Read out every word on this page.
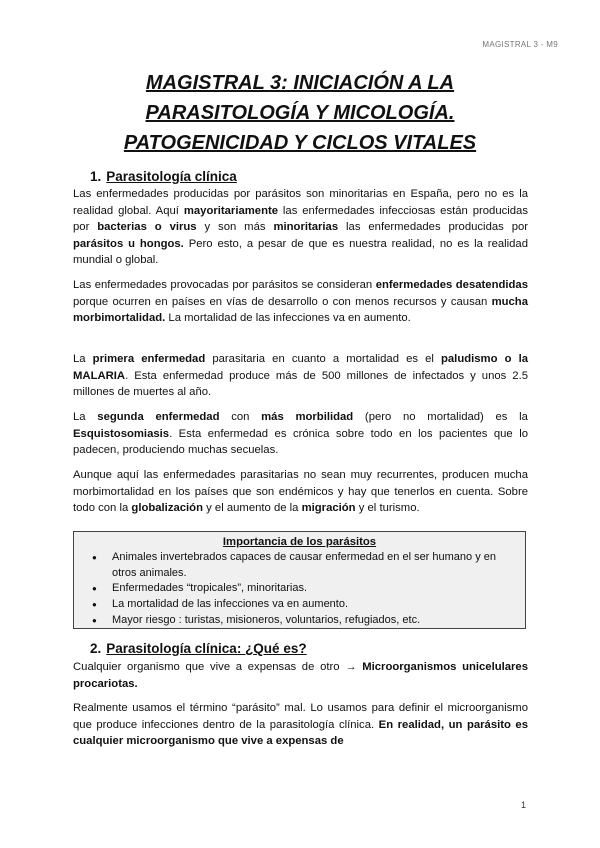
MAGISTRAL 3 - M9
MAGISTRAL 3: INICIACIÓN A LA
PARASITOLOGÍA Y MICOLOGÍA.
PATOGENICIDAD Y CICLOS VITALES
1. Parasitología clínica

Las enfermedades producidas por parásitos son minoritarias en España, pero no es la realidad global. Aquí mayoritariamente las enfermedades infecciosas están producidas por bacterias o virus y son más minoritarias las enfermedades producidas por parásitos u hongos. Pero esto, a pesar de que es nuestra realidad, no es la realidad mundial o global.

Las enfermedades provocadas por parásitos se consideran enfermedades desatendidas porque ocurren en países en vías de desarrollo o con menos recursos y causan mucha morbimortalidad. La mortalidad de las infecciones va en aumento.

La primera enfermedad parasitaria en cuanto a mortalidad es el paludismo o la MALARIA. Esta enfermedad produce más de 500 millones de infectados y unos 2.5 millones de muertes al año.

La segunda enfermedad con más morbilidad (pero no mortalidad) es la Esquistosomiasis. Esta enfermedad es crónica sobre todo en los pacientes que lo padecen, produciendo muchas secuelas.

Aunque aquí las enfermedades parasitarias no sean muy recurrentes, producen mucha morbimortalidad en los países que son endémicos y hay que tenerlos en cuenta. Sobre todo con la globalización y el aumento de la migración y el turismo.

Importancia de los parásitos
● Animales invertebrados capaces de causar enfermedad en el ser humano y en otros animales.
● Enfermedades “tropicales”, minoritarias.
● La mortalidad de las infecciones va en aumento.
● Mayor riesgo : turistas, misioneros, voluntarios, refugiados, etc.
2. Parasitología clínica: ¿Qué es?

Cualquier organismo que vive a expensas de otro → Microorganismos unicelulares procariotas.

Realmente usamos el término “parásito” mal. Lo usamos para definir el microorganismo que produce infecciones dentro de la parasitología clínica. En realidad, un parásito es cualquier microorganismo que vive a expensas de

1
